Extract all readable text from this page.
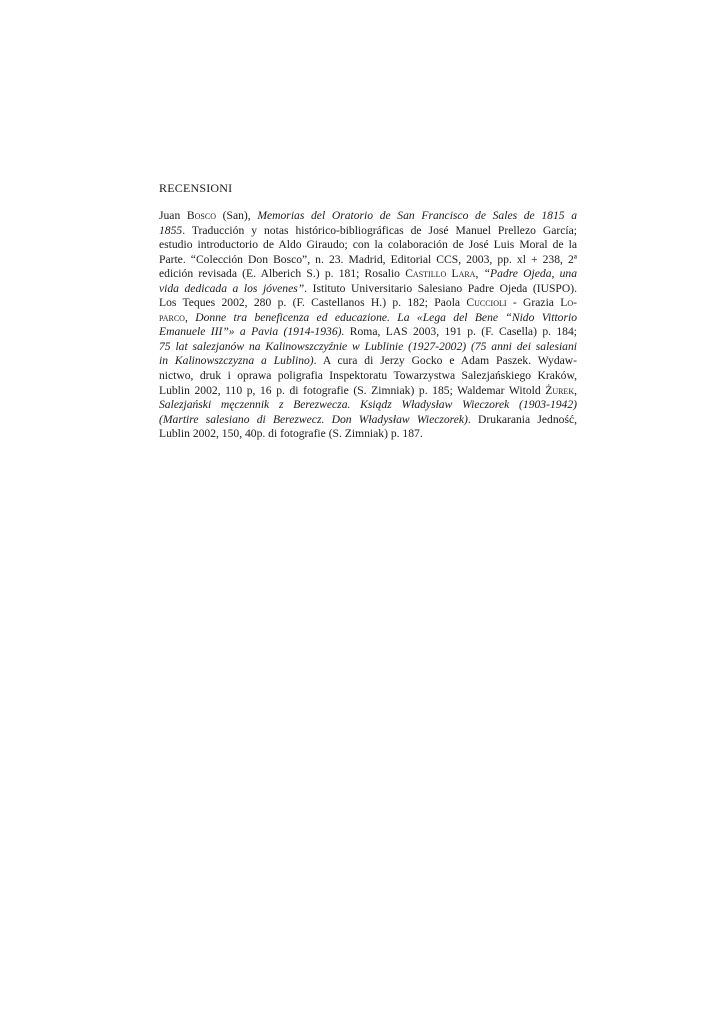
RECENSIONI
Juan Bosco (San), Memorias del Oratorio de San Francisco de Sales de 1815 a
1855. Traducción y notas histórico-bibliográficas de José Manuel Prellezo García;
estudio introductorio de Aldo Giraudo; con la colaboración de José Luis Moral de la
Parte. “Colección Don Bosco”, n. 23. Madrid, Editorial CCS, 2003, pp. xl + 238, 2ª
edición revisada (E. Alberich S.) p. 181; Rosalio Castillo Lara, “Padre Ojeda, una
vida dedicada a los jóvenes”. Istituto Universitario Salesiano Padre Ojeda (IUSPO).
Los Teques 2002, 280 p. (F. Castellanos H.) p. 182; Paola Cuccioli - Grazia Lo-
parco, Donne tra beneficenza ed educazione. La «Lega del Bene “Nido Vittorio
Emanuele III”» a Pavia (1914-1936). Roma, LAS 2003, 191 p. (F. Casella) p. 184;
75 lat salezjanów na Kalinowszczyźnie w Lublinie (1927-2002) (75 anni dei salesiani
in Kalinowszczyzna a Lublino). A cura di Jerzy Gocko e Adam Paszek. Wydaw-
nictwo, druk i oprawa poligrafia Inspektoratu Towarzystwa Salezjańskiego Kraków,
Lublin 2002, 110 p, 16 p. di fotografie (S. Zimniak) p. 185; Waldemar Witold Żurek,
Salezjański męczennik z Berezwecza. Ksiądz Władysław Wieczorek (1903-1942)
(Martire salesiano di Berezwecz. Don Władysław Wieczorek). Drukarania Jedność,
Lublin 2002, 150, 40p. di fotografie (S. Zimniak) p. 187.
